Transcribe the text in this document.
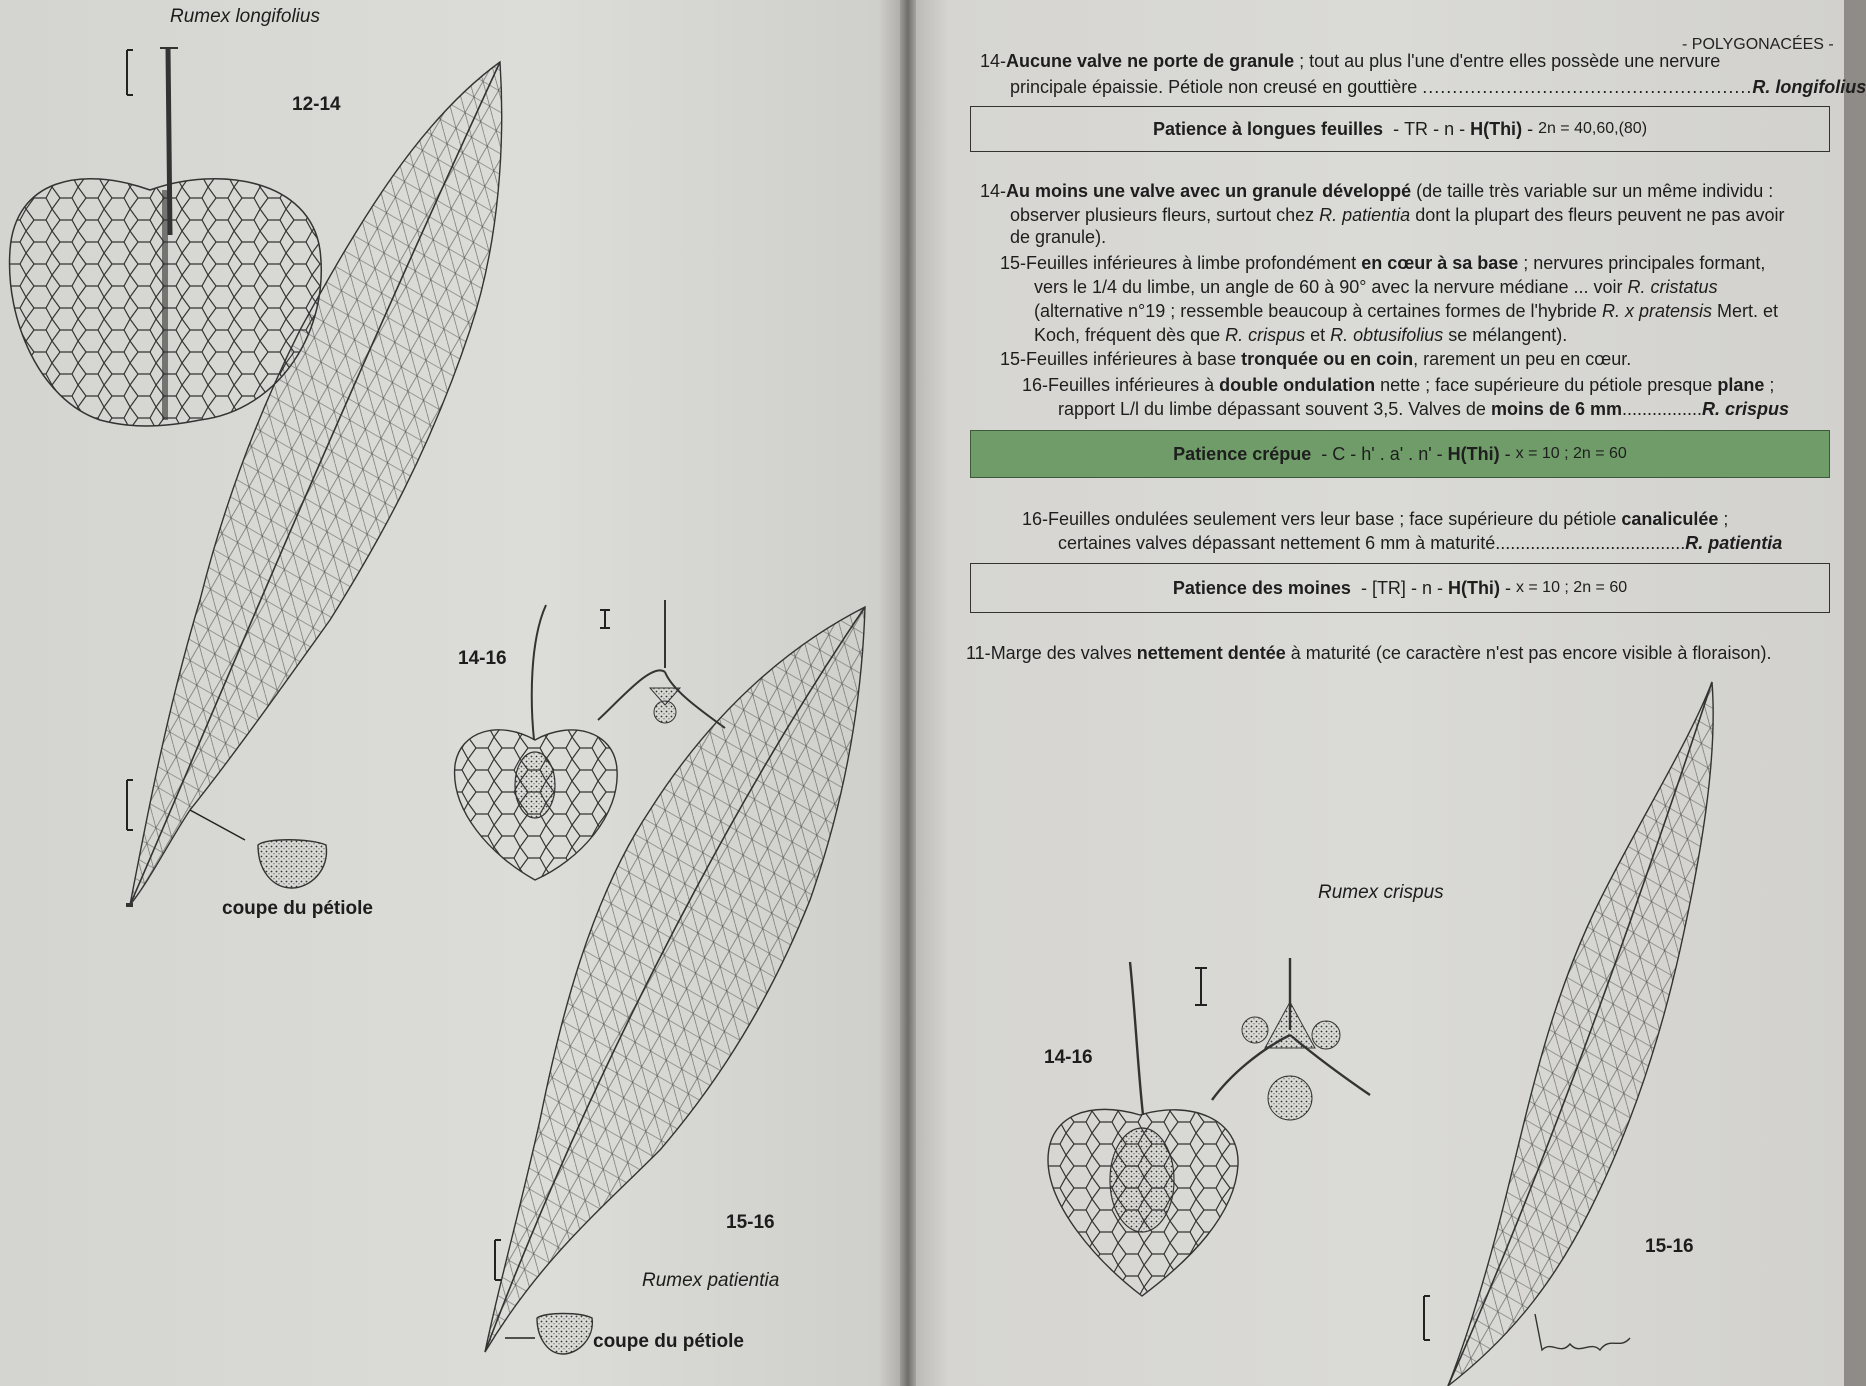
Rumex longifolius
12-14
14-16
coupe du pétiole
15-16
Rumex patientia
coupe du pétiole
- POLYGONACÉES -
14-Aucune valve ne porte de granule ; tout au plus l'une d'entre elles possède une nervure
principale épaissie. Pétiole non creusé en gouttière .......................................................R. longifolius
Patience à longues feuilles - TR - n - H(Thi) - 2n = 40,60,(80)
14-Au moins une valve avec un granule développé (de taille très variable sur un même individu :
observer plusieurs fleurs, surtout chez R. patientia dont la plupart des fleurs peuvent ne pas avoir
de granule).
15-Feuilles inférieures à limbe profondément en cœur à sa base ; nervures principales formant,
vers le 1/4 du limbe, un angle de 60 à 90° avec la nervure médiane ... voir R. cristatus
(alternative n°19 ; ressemble beaucoup à certaines formes de l'hybride R. x pratensis Mert. et
Koch, fréquent dès que R. crispus et R. obtusifolius se mélangent).
15-Feuilles inférieures à base tronquée ou en coin, rarement un peu en cœur.
16-Feuilles inférieures à double ondulation nette ; face supérieure du pétiole presque plane ;
rapport L/l du limbe dépassant souvent 3,5. Valves de moins de 6 mm................R. crispus
Patience crépue - C - h' . a' . n' - H(Thi) - x = 10 ; 2n = 60
16-Feuilles ondulées seulement vers leur base ; face supérieure du pétiole canaliculée ;
certaines valves dépassant nettement 6 mm à maturité......................................R. patientia
Patience des moines - [TR] - n - H(Thi) - x = 10 ; 2n = 60
11-Marge des valves nettement dentée à maturité (ce caractère n'est pas encore visible à floraison).
Rumex crispus
14-16
15-16
